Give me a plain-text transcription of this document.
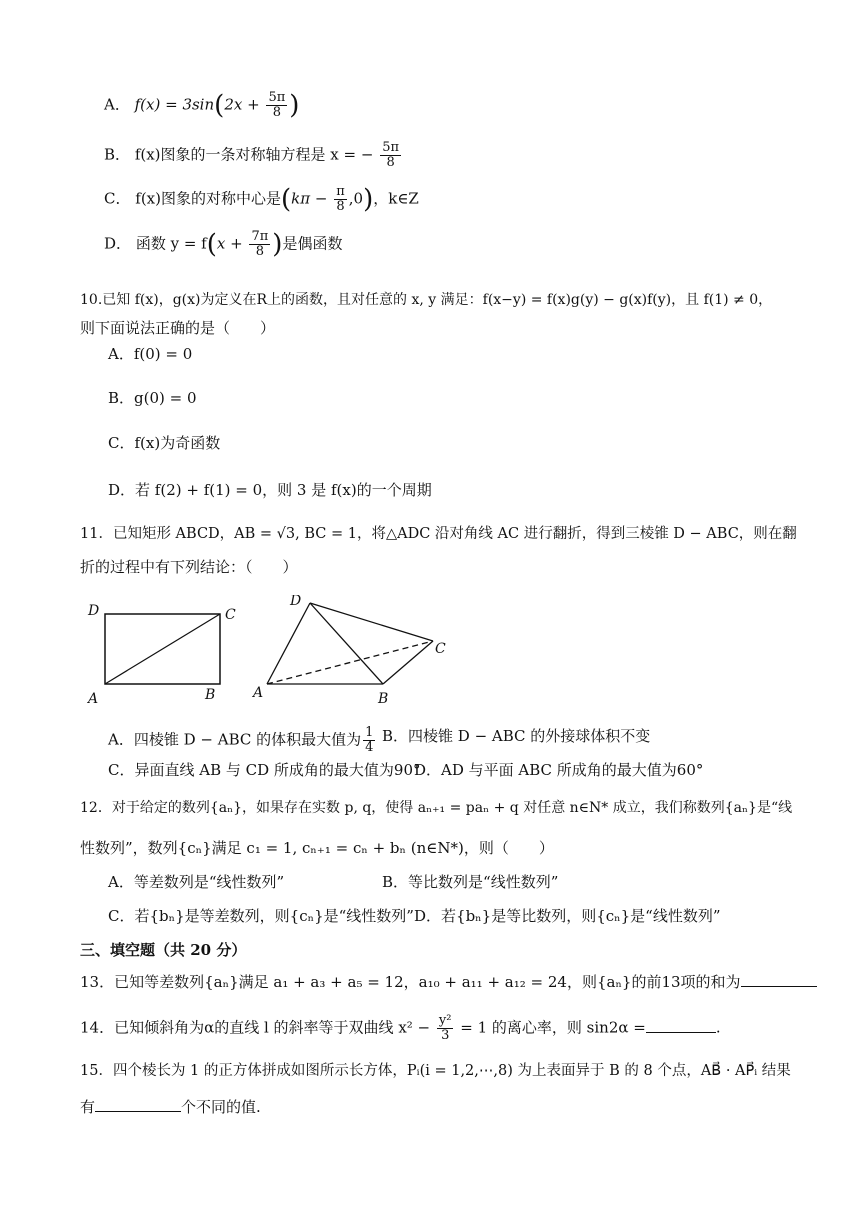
A． $f(x) = 3\sin(2x + \frac{5\pi}{8}$ )
B． f(x)图象的一条对称轴方程是 x = − $\frac{5\pi}{8}$
C． f(x)图象的对称中心是$(k\pi - \frac{\pi}{8} ,0)$，k∈Z
D． 函数 $y = f(x + \frac{7\pi}{8}$ )是偶函数
10.已知 f(x)，g(x)为定义在R上的函数，且对任意的 x, y 满足：f(x−y) = f(x)g(y) − g(x)f(y)，且 f(1) ≠ 0，
则下面说法正确的是（　　）
A．f(0) = 0
B．g(0) = 0
C．f(x)为奇函数
D．若 f(2) + f(1) = 0，则 3 是 f(x)的一个周期
11．已知矩形 ABCD，AB = √3, BC = 1，将△ADC 沿对角线 AC 进行翻折，得到三棱锥 D − ABC，则在翻
折的过程中有下列结论：（　　）
D	C
A	B
D
C
A	B
A．四棱锥 D − ABC 的体积最大值为 $\frac{1}{4}$ B．四棱锥 D − ABC 的外接球体积不变
C．异面直线 AB 与 CD 所成角的最大值为90°
D．AD 与平面 ABC 所成角的最大值为60°
12．对于给定的数列{aₙ}，如果存在实数 p, q，使得 aₙ₊₁ = paₙ + q 对任意 n∈N* 成立，我们称数列{aₙ}是“线
性数列”，数列{cₙ}满足 c₁ = 1, cₙ₊₁ = cₙ + bₙ (n∈N*)，则（　　）
A．等差数列是“线性数列”	B．等比数列是“线性数列”
C．若{bₙ}是等差数列，则{cₙ}是“线性数列” D．若{bₙ}是等比数列，则{cₙ}是“线性数列”
三、填空题（共 20 分）
13．已知等差数列{aₙ}满足 a₁ + a₃ + a₅ = 12，a₁₀ + a₁₁ + a₁₂ = 24，则{aₙ}的前13项的和为
14．已知倾斜角为α的直线 l 的斜率等于双曲线 $x^2 - \frac{\text{y²}}{3} = 1$ 的离心率，则 sin2α =	.
15．四个棱长为 1 的正方体拼成如图所示长方体，Pᵢ(i = 1,2,⋯,8) 为上表面异于 B 的 8 个点，AB⃗ · AP⃗ᵢ 结果
有	个不同的值.
